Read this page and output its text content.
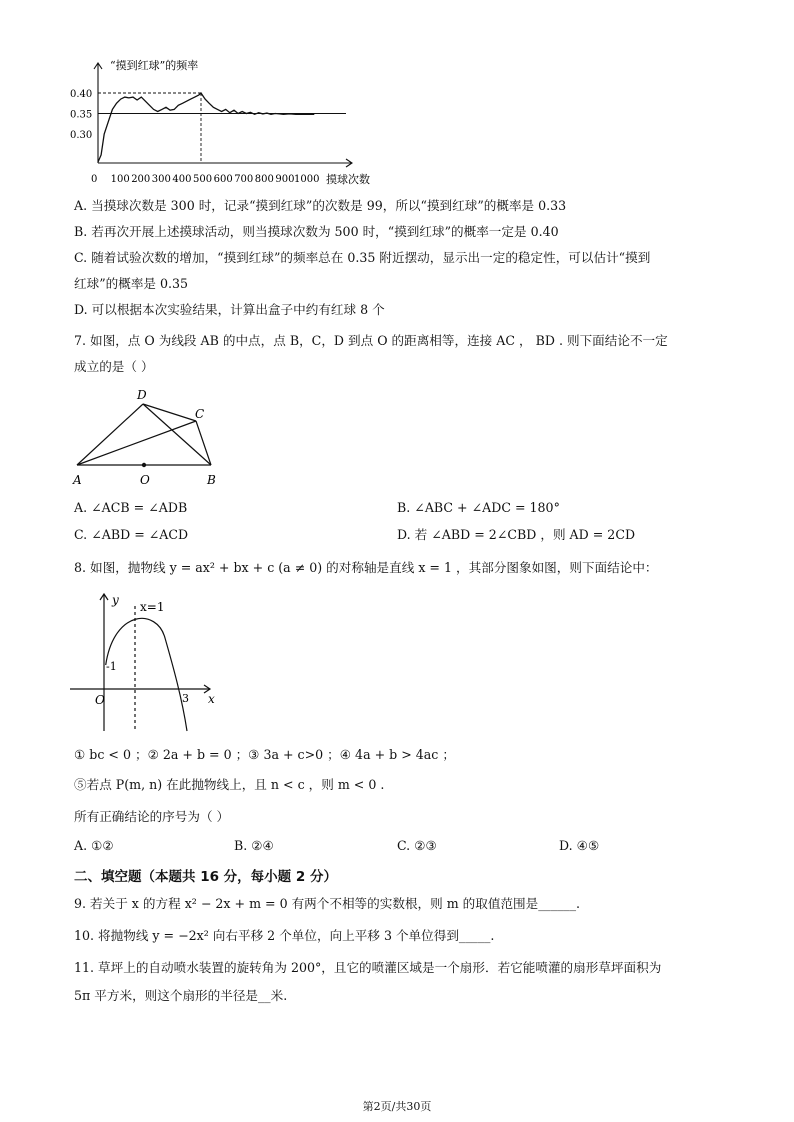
0.30
0.35
0.40
0 100 200 300 400 500 600 700 800 900 1000
“摸到红球”的频率
摸球次数
A. 当摸球次数是 300 时，记录“摸到红球”的次数是 99，所以“摸到红球”的概率是 0.33
B. 若再次开展上述摸球活动，则当摸球次数为 500 时，“摸到红球”的概率一定是 0.40
C. 随着试验次数的增加，“摸到红球”的频率总在 0.35 附近摆动，显示出一定的稳定性，可以估计“摸到
红球”的概率是 0.35
D. 可以根据本次实验结果，计算出盒子中约有红球 8 个
7. 如图，点 O 为线段 AB 的中点，点 B，C，D 到点 O 的距离相等，连接 AC ， BD . 则下面结论不一定
成立的是（ ）
D
C
A	O	B
A. ∠ACB = ∠ADB	B. ∠ABC + ∠ADC = 180°
C. ∠ABD = ∠ACD	D. 若 ∠ABD = 2∠CBD ，则 AD = 2CD
8. 如图，抛物线 y = ax² + bx + c (a ≠ 0) 的对称轴是直线 x = 1 ，其部分图象如图，则下面结论中：
x=1
y
x
O
-1
3
① bc < 0 ；② 2a + b = 0 ；③ 3a + c>0 ；④ 4a + b > 4ac ；
⑤若点 P(m, n) 在此抛物线上，且 n < c ，则 m < 0 .
所有正确结论的序号为（ ）
A. ①②	B. ②④	C. ②③	D. ④⑤
二、填空题（本题共 16 分，每小题 2 分）
9. 若关于 x 的方程 x² − 2x + m = 0 有两个不相等的实数根，则 m 的取值范围是______.
10. 将抛物线 y = −2x² 向右平移 2 个单位，向上平移 3 个单位得到_____.
11. 草坪上的自动喷水装置的旋转角为 200°，且它的喷灌区域是一个扇形．若它能喷灌的扇形草坪面积为
5π 平方米，则这个扇形的半径是__米.
第2页/共30页
